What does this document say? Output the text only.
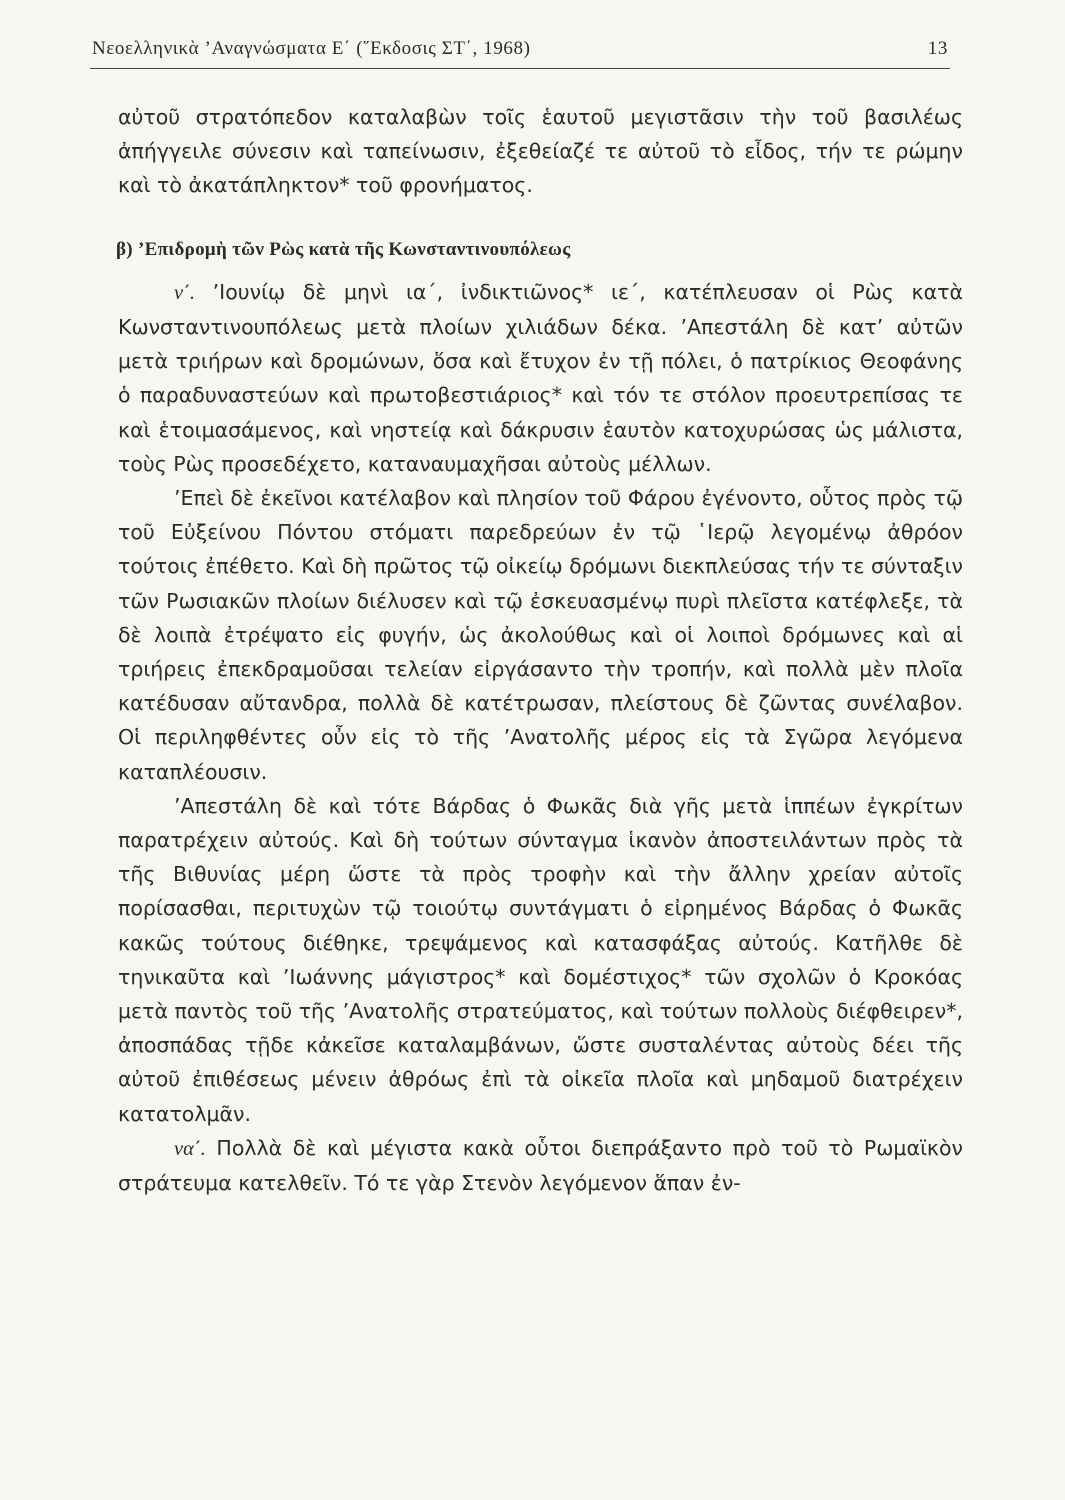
Νεοελληνικὰ ’Αναγνώσματα Ε΄ (῞Εκδοσις ΣΤ΄, 1968)	13

αὐτοῦ στρατόπεδον καταλαβὼν τοῖς ἑαυτοῦ μεγιστᾶσιν τὴν τοῦ βασιλέως ἀπήγγειλε σύνεσιν καὶ ταπείνωσιν, ἐξεθείαζέ τε αὐτοῦ τὸ εἶδος, τήν τε ρώμην καὶ τὸ ἀκατάπληκτον* τοῦ φρονήματος.

β) ’Επιδρομὴ τῶν Ρὼς κατὰ τῆς Κωνσταντινουπόλεως

ν΄. ’Ιουνίῳ δὲ μηνὶ ια΄, ἰνδικτιῶνος* ιε΄, κατέπλευσαν οἱ Ρὼς κατὰ Κωνσταντινουπόλεως μετὰ πλοίων χιλιάδων δέκα. ’Απεστάλη δὲ κατ’ αὐτῶν μετὰ τριήρων καὶ δρομώνων, ὅσα καὶ ἔτυχον ἐν τῇ πόλει, ὁ πατρίκιος Θεοφάνης ὁ παραδυναστεύων καὶ πρωτοβεστιάριος* καὶ τόν τε στόλον προευτρεπίσας τε καὶ ἑτοιμασάμενος, καὶ νηστείᾳ καὶ δάκρυσιν ἑαυτὸν κατοχυρώσας ὡς μάλιστα, τοὺς Ρὼς προσεδέχετο, καταναυμαχῆσαι αὐτοὺς μέλλων.

’Επεὶ δὲ ἐκεῖνοι κατέλαβον καὶ πλησίον τοῦ Φάρου ἐγένοντο, οὗτος πρὸς τῷ τοῦ Εὐξείνου Πόντου στόματι παρεδρεύων ἐν τῷ ῾Ιερῷ λεγομένῳ ἀθρόον τούτοις ἐπέθετο. Καὶ δὴ πρῶτος τῷ οἰκείῳ δρόμωνι διεκπλεύσας τήν τε σύνταξιν τῶν Ρωσιακῶν πλοίων διέλυσεν καὶ τῷ ἐσκευασμένῳ πυρὶ πλεῖστα κατέφλεξε, τὰ δὲ λοιπὰ ἐτρέψατο εἰς φυγήν, ὡς ἀκολούθως καὶ οἱ λοιποὶ δρόμωνες καὶ αἱ τριήρεις ἐπεκδραμοῦσαι τελείαν εἰργάσαντο τὴν τροπήν, καὶ πολλὰ μὲν πλοῖα κατέδυσαν αὔτανδρα, πολλὰ δὲ κατέτρωσαν, πλείστους δὲ ζῶντας συνέλαβον. Οἱ περιληφθέντες οὖν εἰς τὸ τῆς ’Ανατολῆς μέρος εἰς τὰ Σγῶρα λεγόμενα καταπλέουσιν.

’Απεστάλη δὲ καὶ τότε Βάρδας ὁ Φωκᾶς διὰ γῆς μετὰ ἱππέων ἐγκρίτων παρατρέχειν αὐτούς. Καὶ δὴ τούτων σύνταγμα ἱκανὸν ἀποστειλάντων πρὸς τὰ τῆς Βιθυνίας μέρη ὥστε τὰ πρὸς τροφὴν καὶ τὴν ἄλλην χρείαν αὐτοῖς πορίσασθαι, περιτυχὼν τῷ τοιούτῳ συντάγματι ὁ εἰρημένος Βάρδας ὁ Φωκᾶς κακῶς τούτους διέθηκε, τρεψάμενος καὶ κατασφάξας αὐτούς. Κατῆλθε δὲ τηνικαῦτα καὶ ’Ιωάννης μάγιστρος* καὶ δομέστιχος* τῶν σχολῶν ὁ Κροκόας μετὰ παντὸς τοῦ τῆς ’Ανατολῆς στρατεύματος, καὶ τούτων πολλοὺς διέφθειρεν*, ἀποσπάδας τῇδε κἀκεῖσε καταλαμβάνων, ὥστε συσταλέντας αὐτοὺς δέει τῆς αὐτοῦ ἐπιθέσεως μένειν ἀθρόως ἐπὶ τὰ οἰκεῖα πλοῖα καὶ μηδαμοῦ διατρέχειν κατατολμᾶν.

να΄. Πολλὰ δὲ καὶ μέγιστα κακὰ οὗτοι διεπράξαντο πρὸ τοῦ τὸ Ρωμαϊκὸν στράτευμα κατελθεῖν. Τό τε γὰρ Στενὸν λεγόμενον ἅπαν ἐν-
